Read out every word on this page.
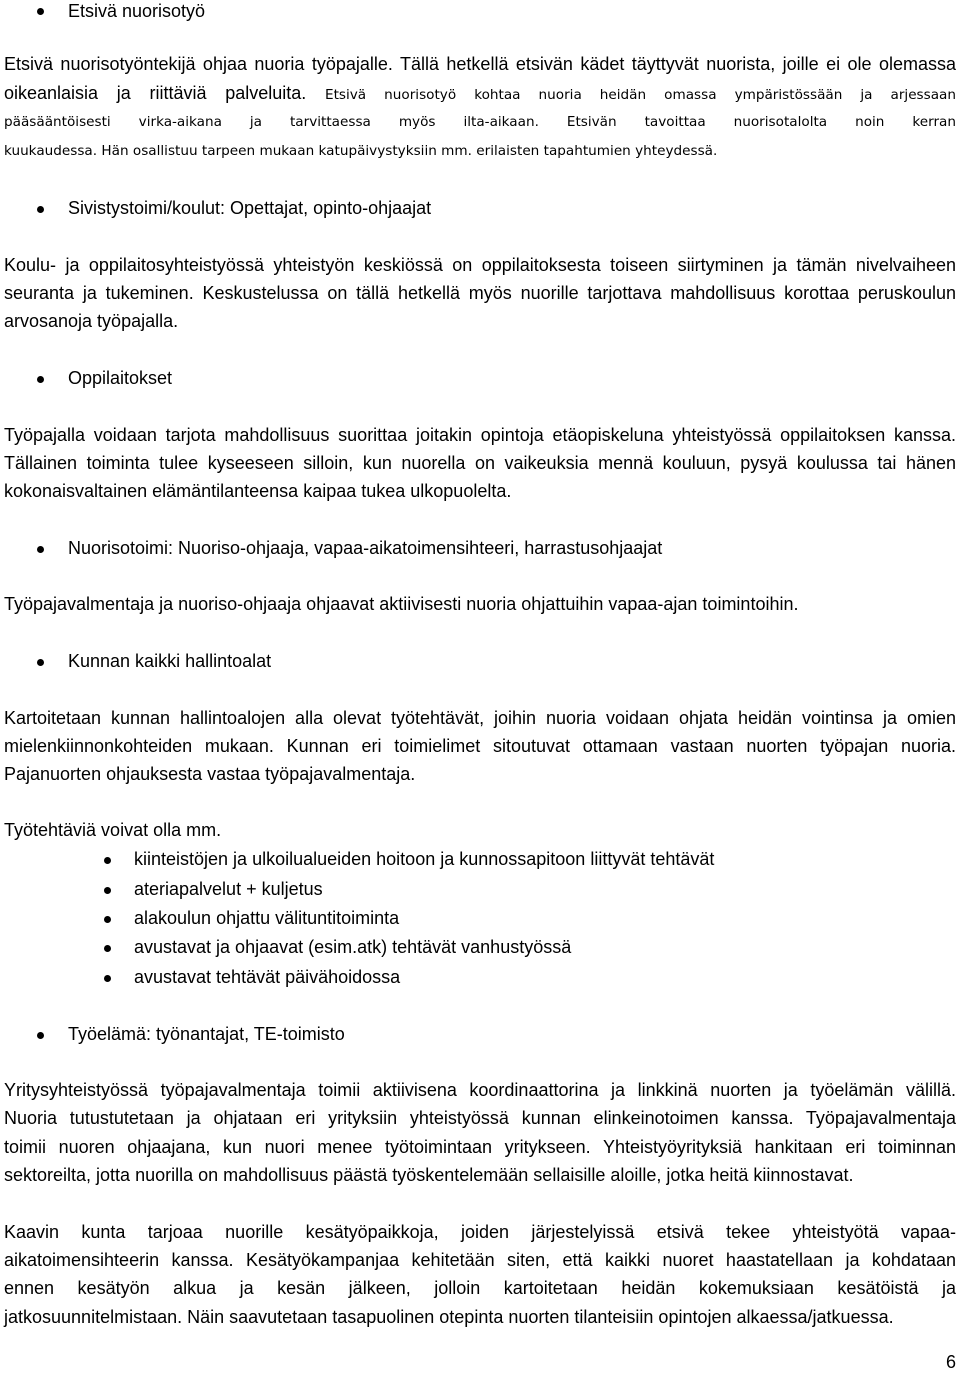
Etsivä nuorisotyö
Etsivä nuorisotyöntekijä ohjaa nuoria työpajalle. Tällä hetkellä etsivän kädet täyttyvät nuorista, joille ei ole olemassa
oikeanlaisia ja riittäviä palveluita. Etsivä nuorisotyö kohtaa nuoria heidän omassa ympäristössään ja arjessaan
pääsääntöisesti virka-aikana ja tarvittaessa myös ilta-aikaan. Etsivän tavoittaa nuorisotalolta noin kerran
kuukaudessa. Hän osallistuu tarpeen mukaan katupäivystyksiin mm. erilaisten tapahtumien yhteydessä.
Sivistystoimi/koulut: Opettajat, opinto-ohjaajat
Koulu- ja oppilaitosyhteistyössä yhteistyön keskiössä on oppilaitoksesta toiseen siirtyminen ja tämän nivelvaiheen
seuranta ja tukeminen. Keskustelussa on tällä hetkellä myös nuorille tarjottava mahdollisuus korottaa peruskoulun
arvosanoja työpajalla.
Oppilaitokset
Työpajalla voidaan tarjota mahdollisuus suorittaa joitakin opintoja etäopiskeluna yhteistyössä oppilaitoksen kanssa.
Tällainen toiminta tulee kyseeseen silloin, kun nuorella on vaikeuksia mennä kouluun, pysyä koulussa tai hänen
kokonaisvaltainen elämäntilanteensa kaipaa tukea ulkopuolelta.
Nuorisotoimi: Nuoriso-ohjaaja, vapaa-aikatoimensihteeri, harrastusohjaajat
Työpajavalmentaja ja nuoriso-ohjaaja ohjaavat aktiivisesti nuoria ohjattuihin vapaa-ajan toimintoihin.
Kunnan kaikki hallintoalat
Kartoitetaan kunnan hallintoalojen alla olevat työtehtävät, joihin nuoria voidaan ohjata heidän vointinsa ja omien
mielenkiinnonkohteiden mukaan. Kunnan eri toimielimet sitoutuvat ottamaan vastaan nuorten työpajan nuoria.
Pajanuorten ohjauksesta vastaa työpajavalmentaja.
Työtehtäviä voivat olla mm.
kiinteistöjen ja ulkoilualueiden hoitoon ja kunnossapitoon liittyvät tehtävät
ateriapalvelut + kuljetus
alakoulun ohjattu välituntitoiminta
avustavat ja ohjaavat (esim.atk) tehtävät vanhustyössä
avustavat tehtävät päivähoidossa
Työelämä: työnantajat, TE-toimisto
Yritysyhteistyössä työpajavalmentaja toimii aktiivisena koordinaattorina ja linkkinä nuorten ja työelämän välillä.
Nuoria tutustutetaan ja ohjataan eri yrityksiin yhteistyössä kunnan elinkeinotoimen kanssa. Työpajavalmentaja
toimii nuoren ohjaajana, kun nuori menee työtoimintaan yritykseen. Yhteistyöyrityksiä hankitaan eri toiminnan
sektoreilta, jotta nuorilla on mahdollisuus päästä työskentelemään sellaisille aloille, jotka heitä kiinnostavat.
Kaavin kunta tarjoaa nuorille kesätyöpaikkoja, joiden järjestelyissä etsivä tekee yhteistyötä vapaa-
aikatoimensihteerin kanssa. Kesätyökampanjaa kehitetään siten, että kaikki nuoret haastatellaan ja kohdataan
ennen kesätyön alkua ja kesän jälkeen, jolloin kartoitetaan heidän kokemuksiaan kesätöistä ja
jatkosuunnitelmistaan. Näin saavutetaan tasapuolinen otepinta nuorten tilanteisiin opintojen alkaessa/jatkuessa.
6
